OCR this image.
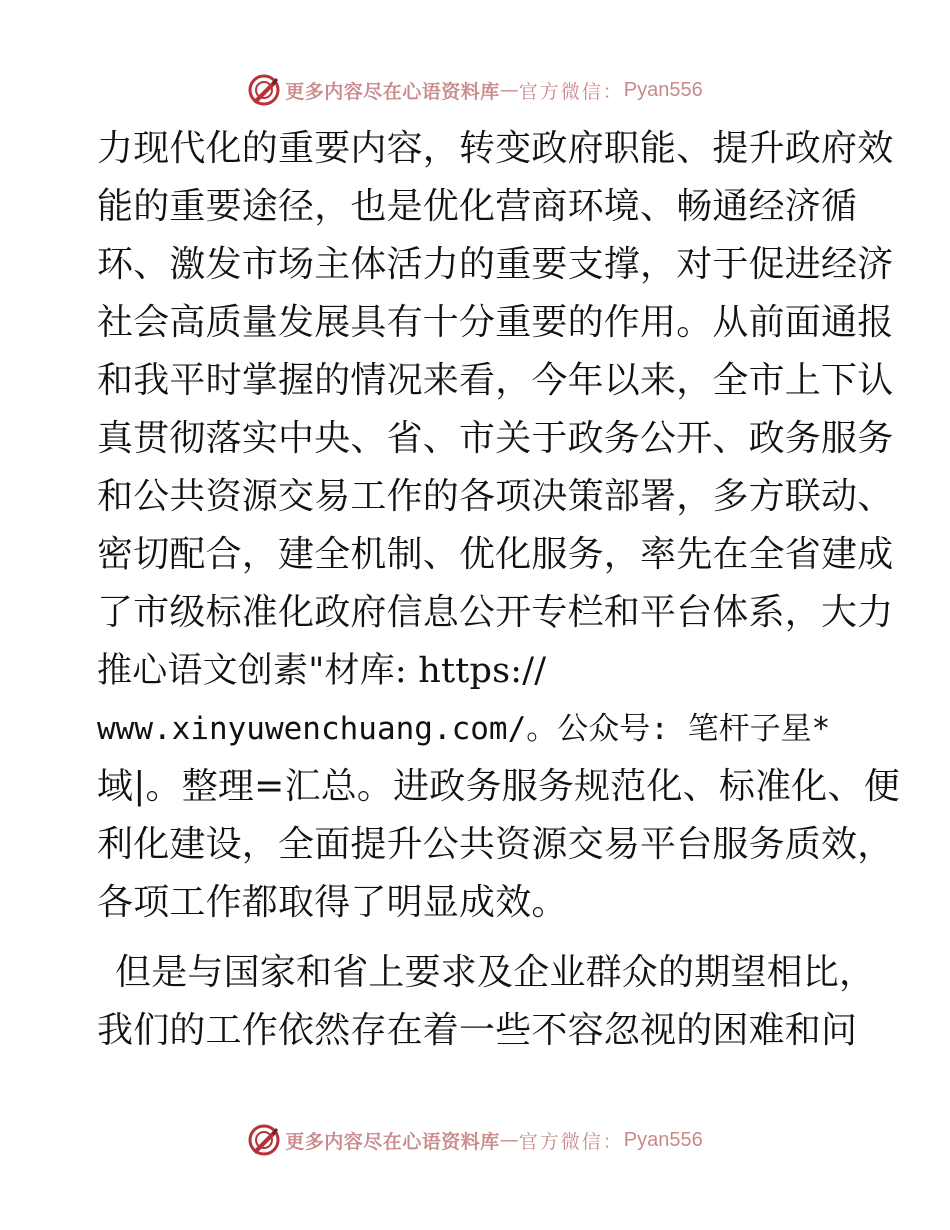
更多内容尽在心语资料库 — 官方微信： Pyan556
力现代化的重要内容，转变政府职能、提升政府效
能的重要途径，也是优化营商环境、畅通经济循
环、激发市场主体活力的重要支撑，对于促进经济
社会高质量发展具有十分重要的作用。从前面通报
和我平时掌握的情况来看，今年以来，全市上下认
真贯彻落实中央、省、市关于政务公开、政务服务
和公共资源交易工作的各项决策部署，多方联动、
密切配合，建全机制、优化服务，率先在全省建成
了市级标准化政府信息公开专栏和平台体系，大力
推心语文创素"材库: https://
www.xinyuwenchuang.com/。公众号: 笔杆子星*
域|。整理=汇总。进政务服务规范化、标准化、便
利化建设，全面提升公共资源交易平台服务质效，
各项工作都取得了明显成效。
但是与国家和省上要求及企业群众的期望相比，
我们的工作依然存在着一些不容忽视的困难和问
更多内容尽在心语资料库 — 官方微信： Pyan556
